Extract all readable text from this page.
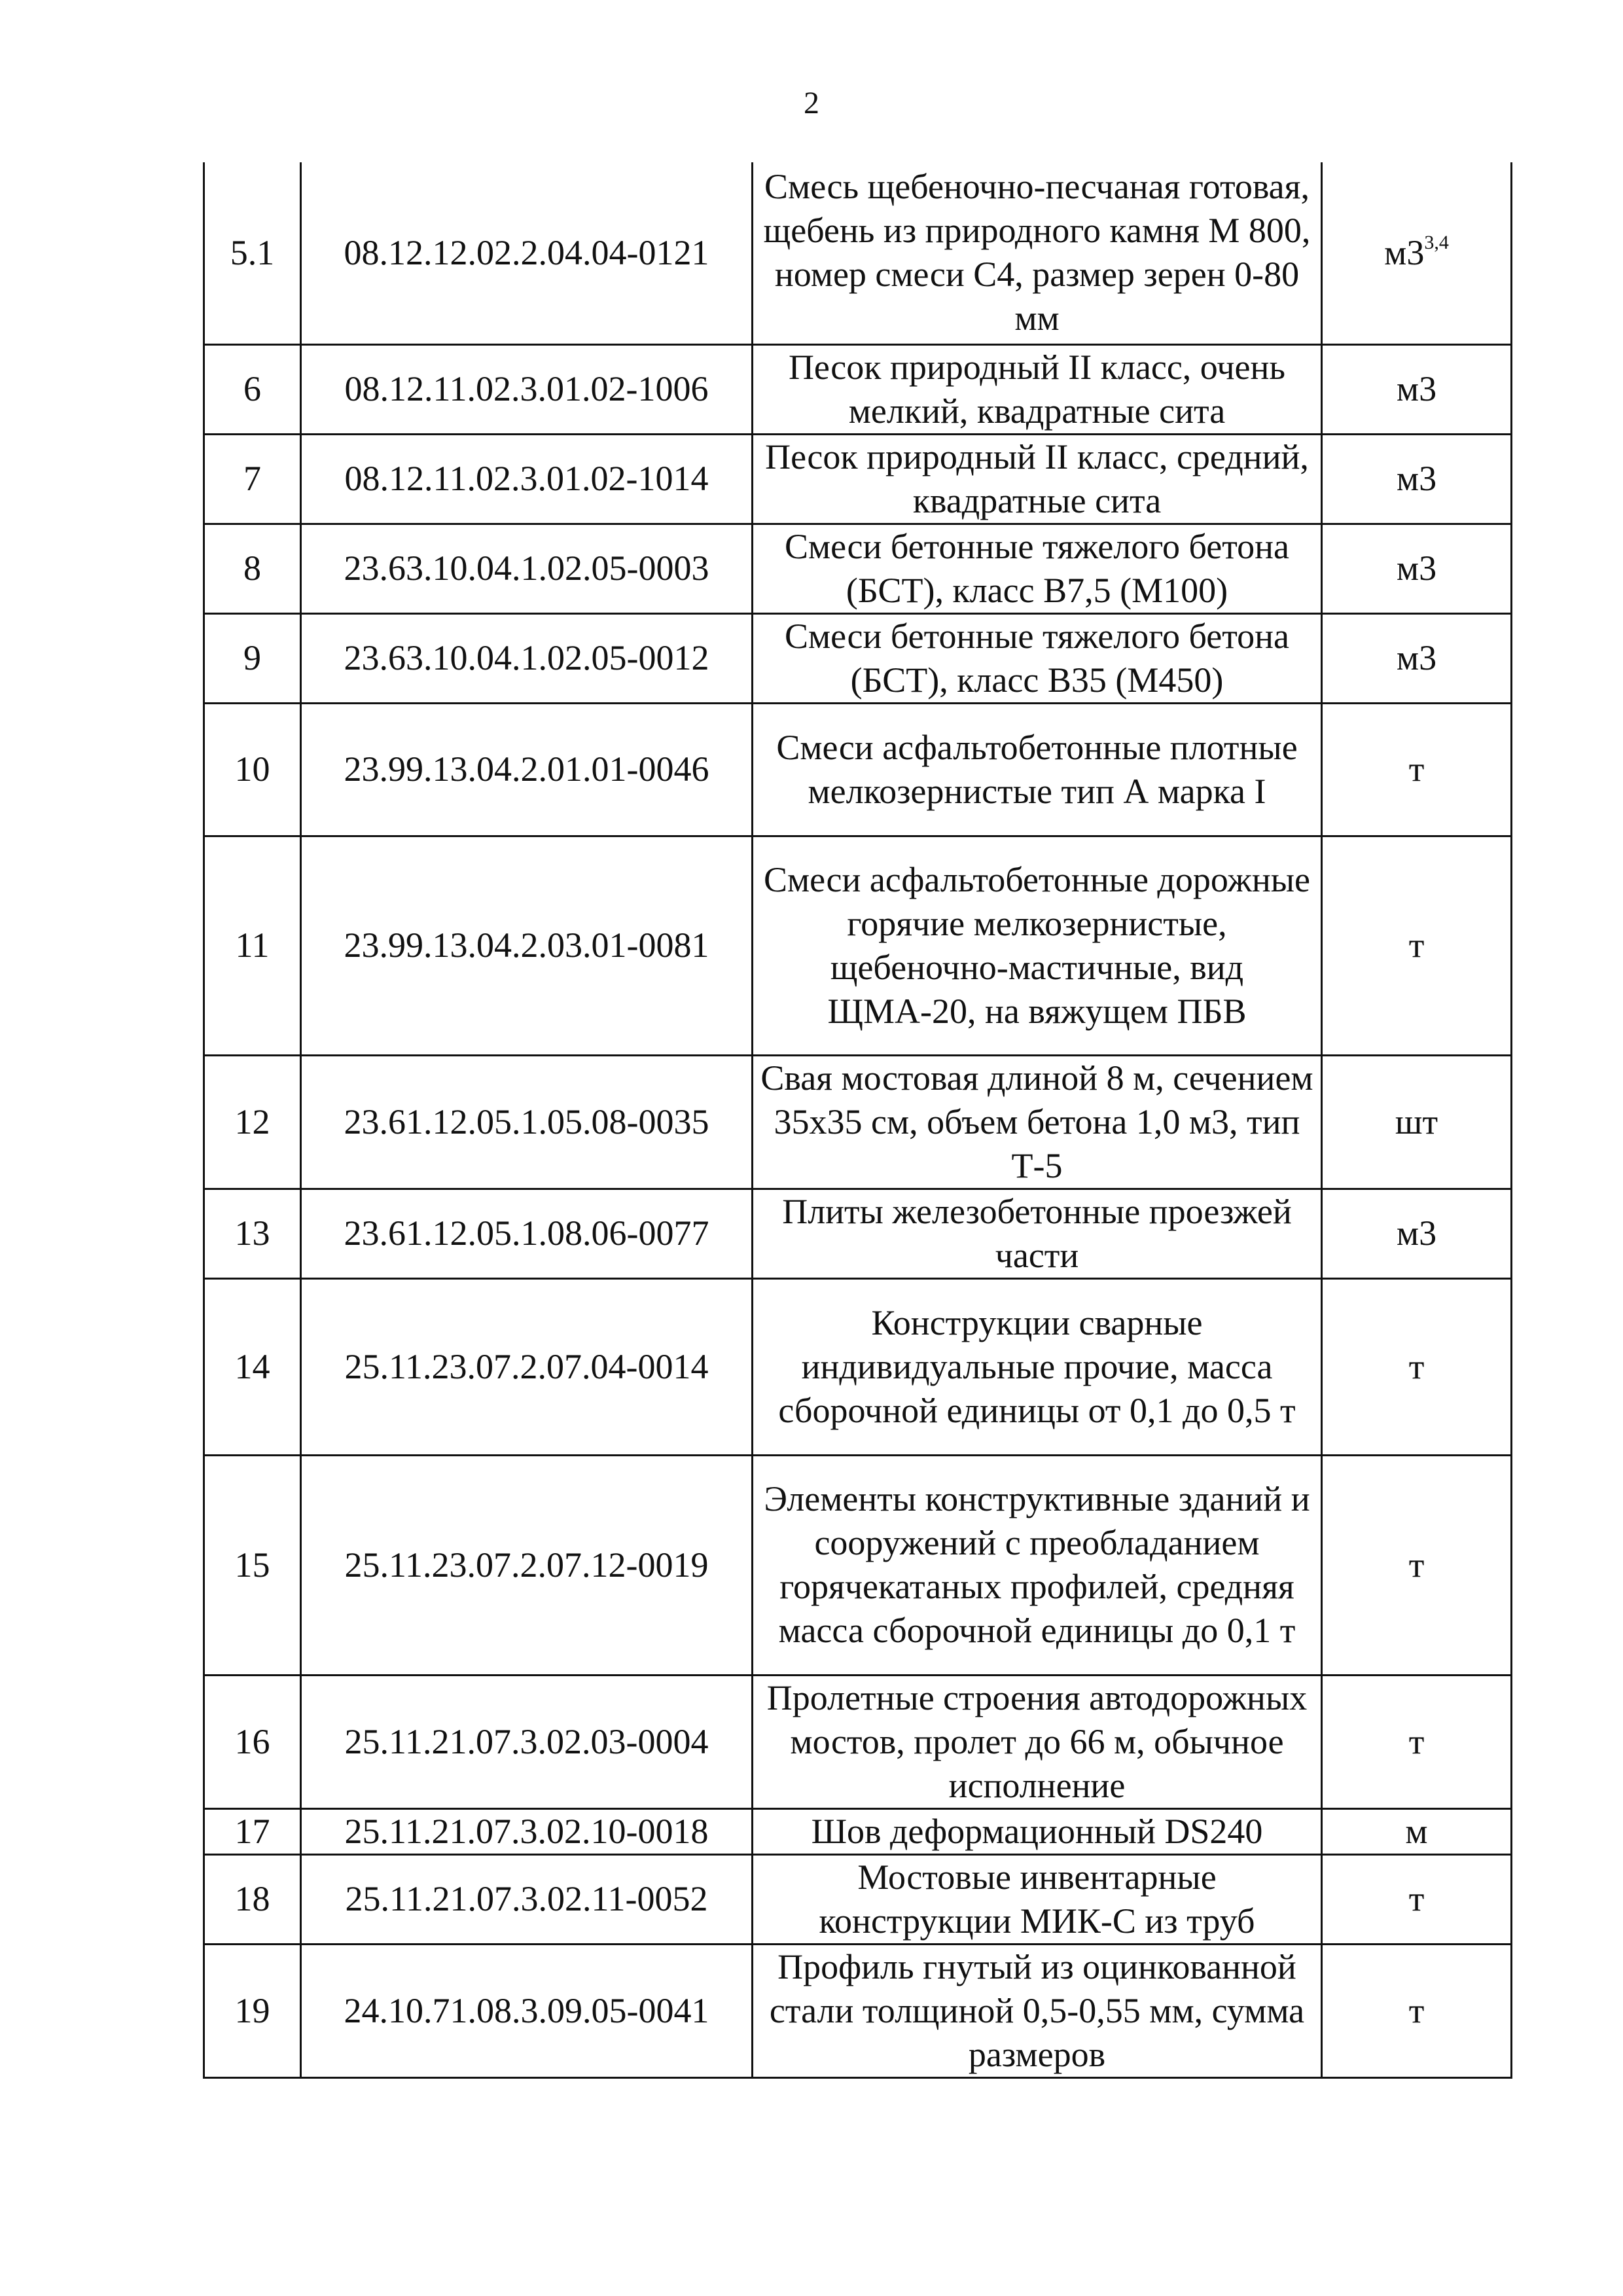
2
5.1	08.12.12.02.2.04.04-0121	Смесь щебеночно-песчаная готовая, щебень из природного камня М 800, номер смеси С4, размер зерен 0-80 мм	м3$^{3,4}$
6	08.12.11.02.3.01.02-1006	Песок природный II класс, очень мелкий, квадратные сита	м3
7	08.12.11.02.3.01.02-1014	Песок природный II класс, средний, квадратные сита	м3
8	23.63.10.04.1.02.05-0003	Смеси бетонные тяжелого бетона (БСТ), класс В7,5 (М100)	м3
9	23.63.10.04.1.02.05-0012	Смеси бетонные тяжелого бетона (БСТ), класс В35 (М450)	м3
10	23.99.13.04.2.01.01-0046	Смеси асфальтобетонные плотные мелкозернистые тип А марка I	т
11	23.99.13.04.2.03.01-0081	Смеси асфальтобетонные дорожные горячие мелкозернистые, щебеночно-мастичные, вид ЩМА-20, на вяжущем ПБВ	т
12	23.61.12.05.1.05.08-0035	Свая мостовая длиной 8 м, сечением 35х35 см, объем бетона 1,0 м3, тип Т-5	шт
13	23.61.12.05.1.08.06-0077	Плиты железобетонные проезжей части	м3
14	25.11.23.07.2.07.04-0014	Конструкции сварные индивидуальные прочие, масса сборочной единицы от 0,1 до 0,5 т	т
15	25.11.23.07.2.07.12-0019	Элементы конструктивные зданий и сооружений с преобладанием горячекатаных профилей, средняя масса сборочной единицы до 0,1 т	т
16	25.11.21.07.3.02.03-0004	Пролетные строения автодорожных мостов, пролет до 66 м, обычное исполнение	т
17	25.11.21.07.3.02.10-0018	Шов деформационный DS240	м
18	25.11.21.07.3.02.11-0052	Мостовые инвентарные конструкции МИК-С из труб	т
19	24.10.71.08.3.09.05-0041	Профиль гнутый из оцинкованной стали толщиной 0,5-0,55 мм, сумма размеров	т
